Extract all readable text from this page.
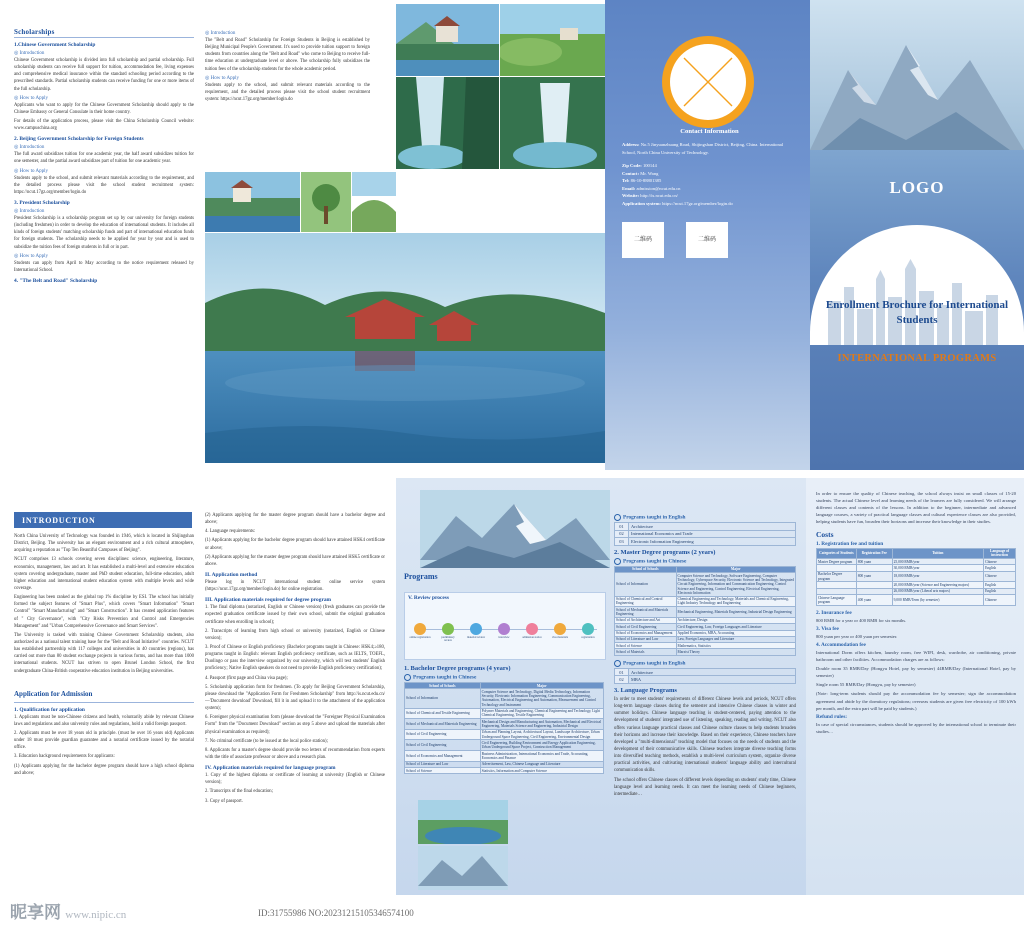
LOGO
Enrollment Brochure for International Students
INTERNATIONAL PROGRAMS
Contact Information
Address: No.5 Jinyuanzhuang Road, Shijingshan District, Beijing, China. International School, North China University of Technology.
Zip Code: 100144
Contact: Mr. Wang
Tel: 86-10-88801385
Email: admission@ncut.edu.cn
Website: http://is.ncut.edu.cn/
Application system: https://ncut.17gz.org/member/login.do
二维码	二维码
Scholarships
1.Chinese Government Scholarship
◎ Introduction

Chinese Government scholarship is divided into full scholarship and partial scholarship. Full scholarship students can receive full support for tuition, accommodation fee, living expenses and comprehensive medical insurance within the standard schooling period according to the prescribed standards. Partial scholarship students can receive funding for one or more items of the full scholarship.

◎ How to Apply

Applicants who want to apply for the Chinese Government Scholarship should apply to the Chinese Embassy or General Consulate in their home country.

For details of the application process, please visit the China Scholarship Council website: www.campuschina.org

2. Beijing Government Scholarship for Foreign Students
◎ Introduction

The full award subsidizes tuition for one academic year, the half award subsidizes tuition for one semester, and the partial award subsidizes part of tuition for one academic year.

◎ How to Apply

Students apply to the school, and submit relevant materials according to the requirement, and the detailed process please visit the school student recruitment system: https://ncut.17gz.org/member/login.do

3. President Scholarship
◎ Introduction

President Scholarship is a scholarship program set up by our university for foreign students (including freshmen) in order to develop the education of international students. It includes all kinds of foreign students' matching scholarship funds and part of international education funds for foreign students. The scholarship needs to be applied for year by year and is used to subsidize the tuition fees of foreign students in full or in part.

◎ How to Apply

Students can apply from April to May according to the notice requirement released by International School.

4. "The Belt and Road" Scholarship
◎ Introduction

The "Belt and Road" Scholarship for Foreign Students in Beijing is established by Beijing Municipal People's Government. It's used to provide tuition support to foreign students from countries along the "Belt and Road" who come to Beijing to receive full-time education at undergraduate level or above. The scholarship fully subsidizes the tuition fees of the scholarship students for the whole academic period.

◎ How to Apply

Students apply to the school, and submit relevant materials according to the requirement, and the detailed process please visit the school student recruitment system: https://ncut.17gz.org/member/login.do

INTRODUCTION

North China University of Technology was founded in 1946, which is located in Shijingshan District, Beijing. The university has an elegant environment and a rich cultural atmosphere, acquiring a reputation as "Top Ten Beautiful Campuses of Beijing".

NCUT comprises 13 schools covering seven disciplines: science, engineering, literature, economics, management, law and art. It has established a multi-level and extensive education system covering undergraduate, master and PhD student education, full-time education, adult higher education and international student education system with multiple levels and wide coverage.

Engineering has been ranked as the global top 1% discipline by ESI. The school has initially formed the subject features of "Smart Plus", which covers "Smart Information" "Smart Control" "Smart Manufacturing" and "Smart Construction". It has created application features of " City Governance", with "City Risks Prevention and Control and Emergencies Management" and "Urban Comprehensive Governance and Smart Services".

The University is tasked with training Chinese Government Scholarship students, also authorized as a national talent training base for the "Belt and Road Initiative" countries. NCUT has established partnership with 117 colleges and universities in 40 countries (regions), has carried out more than 80 student exchange projects in various forms, and has more than 1000 international students. NCUT has striven to open Brunel London School, the first undergraduate China-British cooperative education institution in Beijing universities.

Application for Admission
1. Qualification for application

1. Applicants must be non-Chinese citizens and health, voluntarily abide by relevant Chinese laws and regulations and also university rules and regulations, hold a valid foreign passport.

2. Applicants must be over 18 years old in principle. (must be over 16 years old) Applicants under 18 must provide guardian guarantee and a notarial certificate issued by the notarial office.

3. Education background requirements for applicants:

(1) Applicants applying for the bachelor degree program should have a high school diploma and above;

(2) Applicants applying for the master degree program should have a bachelor degree and above;

4. Language requirements:

(1) Applicants applying for the bachelor degree program should have attained HSK4 certificate or above;

(2) Applicants applying for the master degree program should have attained HSK5 certificate or above.

II. Application method

Please log in NCUT international student online service system (https://ncut.17gz.org/member/login.do) for online registration.

III. Application materials required for degree program

1. The final diploma (notarized, English or Chinese version) (fresh graduates can provide the expected graduation certificate issued by their own school, submit the original graduation certificate when enrolling in school);

2. Transcripts of learning from high school or university (notarized, English or Chinese version);

3. Proof of Chinese or English proficiency (Bachelor programs taught in Chinese: HSK4;≥180, programs taught in English: relevant English proficiency certificate, such as IELTS, TOEFL, Duolingo or pass the interview organized by our university, which will test students' English proficiency; Native English speakers do not need to provide English proficiency certification);

4. Passport (first page and China visa page);

5. Scholarship application form for freshmen. (To apply for Beijing Government Scholarship, please download the "Application Form for Freshmen Scholarship" from http://is.ncut.edu.cn/—'Document download' Download, fill it in and upload it to the attachment of the application system);

6. Foreigner physical examination form (please download the "Foreigner Physical Examination Form" from the "Document Download" section as step 5 above and upload the materials after physical examination as required);

7. No criminal certificate (to be issued at the local police station);

8. Applicants for a master's degree should provide two letters of recommendation from experts with the title of associate professor or above and a research plan.

IV. Application materials required for language program

1. Copy of the highest diploma or certificate of learning at university (English or Chinese version);

2. Transcripts of the final education;

3. Copy of passport.

V. Review process
online registration	preliminary review
material review	interview	admission notice	visa materials	registration
Programs
1. Bachelor Degree programs (4 years)
Programs taught in Chinese
School of Schools	Major
School of Information	Computer Science and Technology, Digital Media Technology, Information Security, Electronic Information Engineering, Communication Engineering, Automation, Electrical Engineering and Automation, Measurement and Control Technology and Instrument
School of Chemical and Textile Engineering	Polymer Materials and Engineering, Chemical Engineering and Technology, Light Chemical Engineering, Textile Engineering
School of Mechanical and Materials Engineering	Mechanical Design and Manufacturing and Automation, Mechanical and Electrical Engineering, Materials Science and Engineering, Industrial Design
School of Civil Engineering	Urban and Planning Layout, Architectural Layout, Landscape Architecture, Urban Underground Space Engineering, Civil Engineering, Environmental Design
School of Civil Engineering	Civil Engineering, Building Environment and Energy Application Engineering, Urban Underground Space Project, Construction Management
School of Economics and Management	Business Administration, International Economics and Trade, Accounting, Economics and Finance
School of Literature and Law	Advertisement, Law, Chinese Language and Literature
School of Science	Statistics, Information and Computer Science
Programs taught in English
01	Architecture
02	International Economics and Trade
03	Electronic Information Engineering
2. Master Degree programs (2 years)
Programs taught in Chinese
School of Schools	Major
School of Information	Computer Science and Technology, Software Engineering, Computer Technology, Cyberspace Security, Electronic Science and Technology, Integrated Circuit Engineering, Information and Communication Engineering, Control Science and Engineering, Control Engineering, Electrical Engineering, Electronic Information
School of Chemical and Control Engineering	Chemical Engineering and Technology, Materials and Chemical Engineering, Light Industry Technology and Engineering
School of Mechanical and Materials Engineering	Mechanical Engineering, Materials Engineering, Industrial Design Engineering
School of Architecture and Art	Architecture, Design
School of Civil Engineering	Civil Engineering, Law, Foreign Languages and Literature
School of Economics and Management	Applied Economics, MBA, Accounting
School of Literature and Law	Law, Foreign Languages and Literature
School of Science	Mathematics, Statistics
School of Materials	Marxist Theory
Programs taught in English
01	Architecture
02	MBA
3. Language Programs

In order to meet students' requirements of different Chinese levels and periods, NCUT offers long-term language classes during the semester and intensive Chinese classes in winter and summer holidays. Chinese language teaching is student-centered, paying attention to the development of students' integrated use of listening, speaking, reading and writing. NCUT also offers various language practical classes and Chinese culture classes to help students broaden their horizons and increase their knowledge. Based on their experience, Chinese teachers have developed a "multi-dimensional" teaching model that focuses on the needs of students and the development of their communicative skills. Chinese teachers integrate diverse teaching forms into diversified teaching methods, establish a multi-level curriculum system, organize diverse practical activities, and cultivating international students' language ability and intercultural communication skills.

The school offers Chinese classes of different levels depending on students' study time, Chinese language level and learning needs. It can meet the learning needs of Chinese beginners, intermediate…

In order to ensure the quality of Chinese teaching, the school always insist on small classes of 15-20 students. The actual Chinese level and learning needs of the learners are fully considered. We will arrange different classes and contents of the lessons. In addition to the beginner, intermediate and advanced language courses, a variety of practical language classes and cultural experience classes are also provided, helping students have fun, broaden their horizons and increase their knowledge in their studies.

Costs
1. Registration fee and tuition
Categories of Students	Registration Fee	Tuition	Language of instruction
Master Degree program	800 yuan	25,000 RMB/year	Chinese
		30,000 RMB/year	English
Bachelor Degree program	800 yuan	18,000 RMB/year	Chinese
		20,000 RMB/year (Science and Engineering majors)	English
		26,000 RMB/year (Liberal arts majors)	English
Chinese Language program	400 yuan	9,000 RMB/Term (by semester)	Chinese
2. Insurance fee

800 RMB for a year or 400 RMB for six months.

3. Visa fee

800 yuan per year or 400 yuan per semester.

4. Accommodation fee

International Dorm offers kitchen, laundry room, free WIFI, desk, wardrobe, air conditioning, private bathroom and other facilities. Accommodation charges are as follows:

Double room 35 RMB/Day (Hongyu Hotel, pay by semester) 44RMB/Day (International Hotel, pay by semester)

Single room 55 RMB/Day (Hongyu, pay by semester)

(Note: long-term students should pay the accommodation fee by semester; sign the accommodation agreement and abide by the dormitory regulations; overseas students are given free electricity of 100 kWh per month, and the extra part will be paid by students.)

Refund rules:

In case of special circumstances, students should be approved by the international school to terminate their studies…

昵享网 www.nipic.cn	ID:31755986 NO:20231215105346574100
